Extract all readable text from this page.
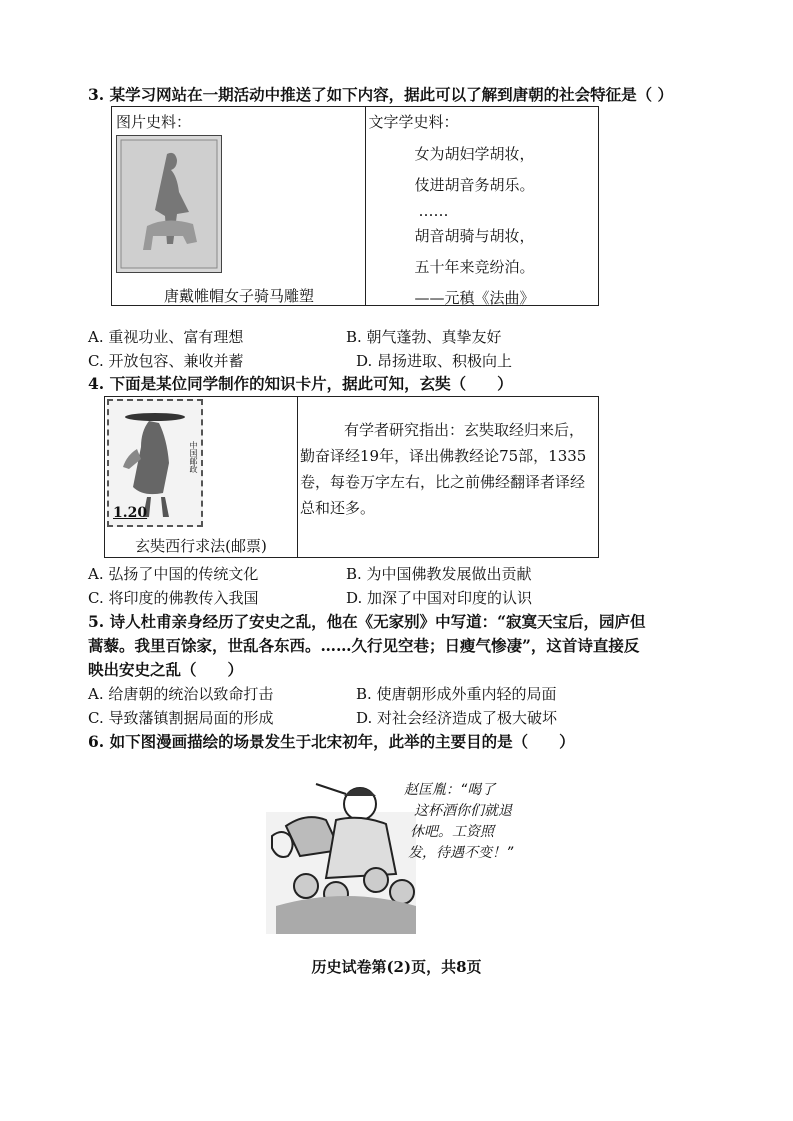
3. 某学习网站在一期活动中推送了如下内容，据此可以了解到唐朝的社会特征是（ ）
图片史料：
唐戴帷帽女子骑马雕塑

文字学史料：
女为胡妇学胡妆，
伎进胡音务胡乐。
……
胡音胡骑与胡妆，
五十年来竞纷泊。
——元稹《法曲》
A. 重视功业、富有理想	B. 朝气蓬勃、真挚友好
C. 开放包容、兼收并蓄	D. 昂扬进取、积极向上
4. 下面是某位同学制作的知识卡片，据此可知，玄奘（　　）
1.20
中国邮政
玄奘西行求法(邮票)

有学者研究指出：玄奘取经归来后，勤奋译经19年，译出佛教经论75部，1335卷，每卷万字左右，比之前佛经翻译者译经总和还多。
A. 弘扬了中国的传统文化	B. 为中国佛教发展做出贡献
C. 将印度的佛教传入我国	D. 加深了中国对印度的认识
5. 诗人杜甫亲身经历了安史之乱，他在《无家别》中写道：“寂寞天宝后，园庐但
蒿藜。我里百馀家，世乱各东西。……久行见空巷；日瘦气惨凄”，这首诗直接反
映出安史之乱（　　）
A. 给唐朝的统治以致命打击	B. 使唐朝形成外重内轻的局面
C. 导致藩镇割据局面的形成	D. 对社会经济造成了极大破坏
6. 如下图漫画描绘的场景发生于北宋初年，此举的主要目的是（　　）
赵匡胤：“喝了
这杯酒你们就退
休吧。工资照
发，待遇不变！”
历史试卷第(2)页，共8页
